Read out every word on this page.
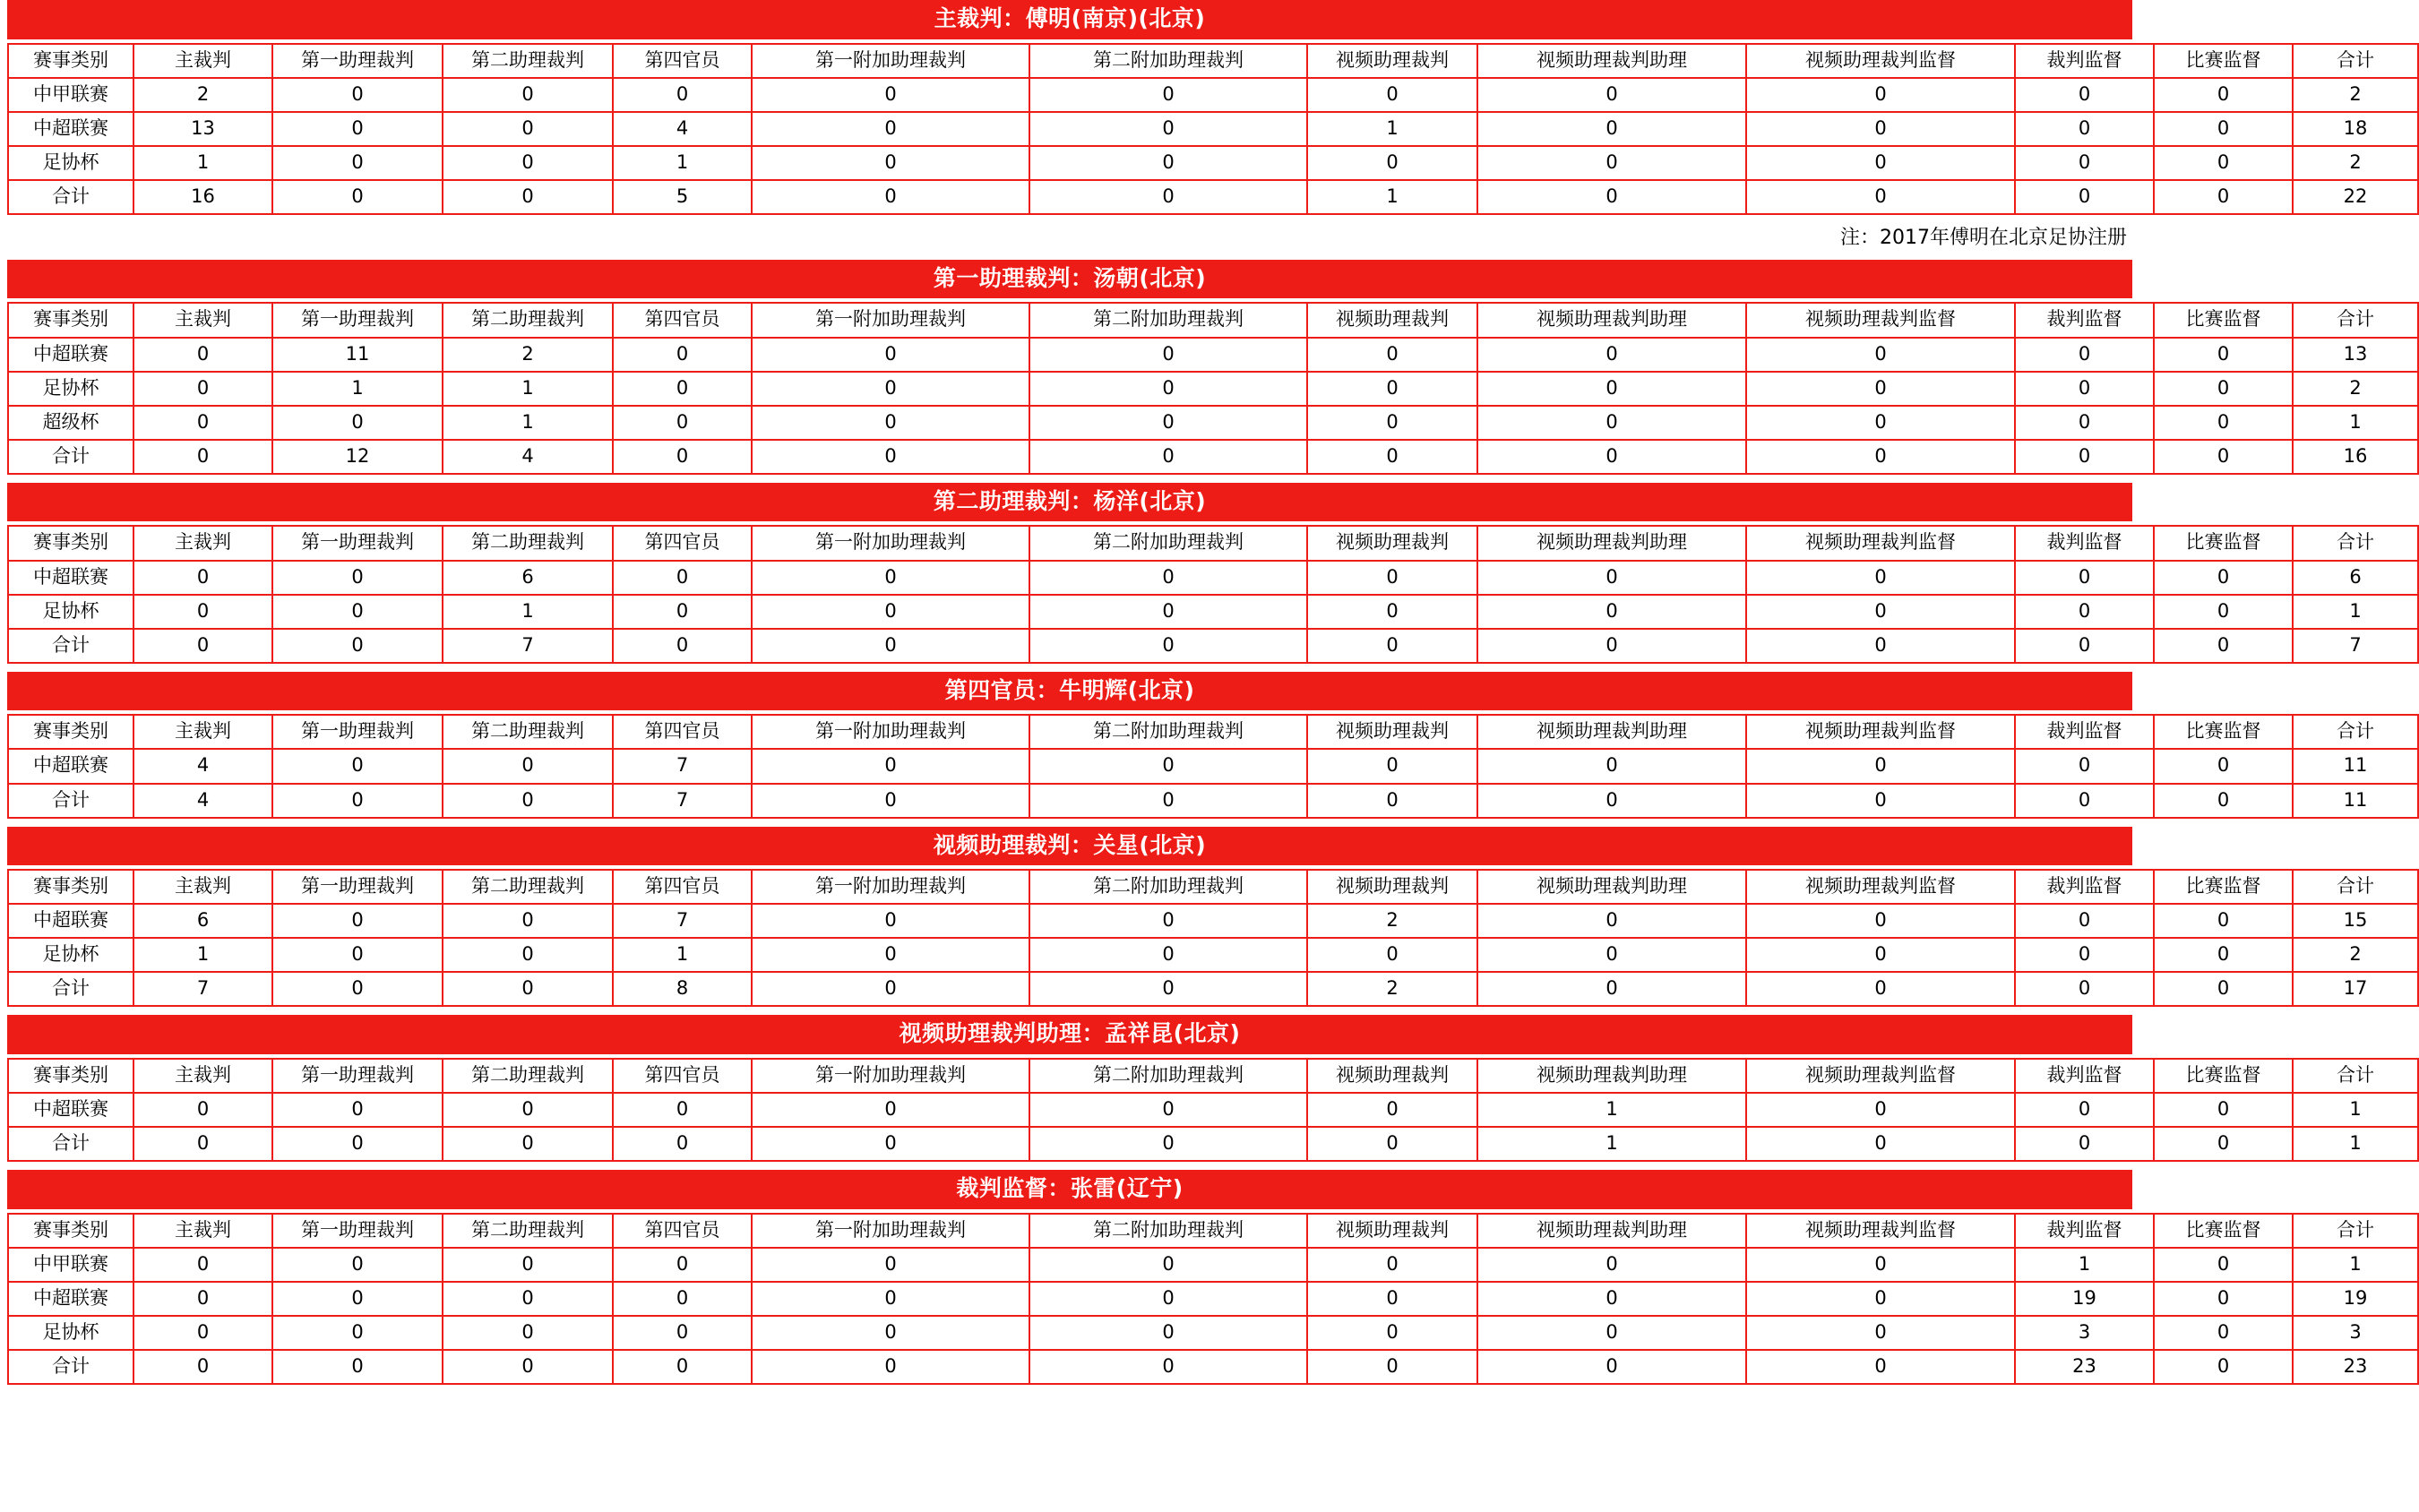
主裁判：傅明(南京)(北京)
赛事类别	主裁判	第一助理裁判	第二助理裁判	第四官员	第一附加助理裁判	第二附加助理裁判	视频助理裁判	视频助理裁判助理	视频助理裁判监督	裁判监督	比赛监督	合计
中甲联赛	2	0	0	0	0	0	0	0	0	0	0	2
中超联赛	13	0	0	4	0	0	1	0	0	0	0	18
足协杯	1	0	0	1	0	0	0	0	0	0	0	2
合计	16	0	0	5	0	0	1	0	0	0	0	22
注：2017年傅明在北京足协注册
第一助理裁判：汤朝(北京)
赛事类别	主裁判	第一助理裁判	第二助理裁判	第四官员	第一附加助理裁判	第二附加助理裁判	视频助理裁判	视频助理裁判助理	视频助理裁判监督	裁判监督	比赛监督	合计
中超联赛	0	11	2	0	0	0	0	0	0	0	0	13
足协杯	0	1	1	0	0	0	0	0	0	0	0	2
超级杯	0	0	1	0	0	0	0	0	0	0	0	1
合计	0	12	4	0	0	0	0	0	0	0	0	16
第二助理裁判：杨洋(北京)
赛事类别	主裁判	第一助理裁判	第二助理裁判	第四官员	第一附加助理裁判	第二附加助理裁判	视频助理裁判	视频助理裁判助理	视频助理裁判监督	裁判监督	比赛监督	合计
中超联赛	0	0	6	0	0	0	0	0	0	0	0	6
足协杯	0	0	1	0	0	0	0	0	0	0	0	1
合计	0	0	7	0	0	0	0	0	0	0	0	7
第四官员：牛明辉(北京)
赛事类别	主裁判	第一助理裁判	第二助理裁判	第四官员	第一附加助理裁判	第二附加助理裁判	视频助理裁判	视频助理裁判助理	视频助理裁判监督	裁判监督	比赛监督	合计
中超联赛	4	0	0	7	0	0	0	0	0	0	0	11
合计	4	0	0	7	0	0	0	0	0	0	0	11
视频助理裁判：关星(北京)
赛事类别	主裁判	第一助理裁判	第二助理裁判	第四官员	第一附加助理裁判	第二附加助理裁判	视频助理裁判	视频助理裁判助理	视频助理裁判监督	裁判监督	比赛监督	合计
中超联赛	6	0	0	7	0	0	2	0	0	0	0	15
足协杯	1	0	0	1	0	0	0	0	0	0	0	2
合计	7	0	0	8	0	0	2	0	0	0	0	17
视频助理裁判助理：孟祥昆(北京)
赛事类别	主裁判	第一助理裁判	第二助理裁判	第四官员	第一附加助理裁判	第二附加助理裁判	视频助理裁判	视频助理裁判助理	视频助理裁判监督	裁判监督	比赛监督	合计
中超联赛	0	0	0	0	0	0	0	1	0	0	0	1
合计	0	0	0	0	0	0	0	1	0	0	0	1
裁判监督：张雷(辽宁)
赛事类别	主裁判	第一助理裁判	第二助理裁判	第四官员	第一附加助理裁判	第二附加助理裁判	视频助理裁判	视频助理裁判助理	视频助理裁判监督	裁判监督	比赛监督	合计
中甲联赛	0	0	0	0	0	0	0	0	0	1	0	1
中超联赛	0	0	0	0	0	0	0	0	0	19	0	19
足协杯	0	0	0	0	0	0	0	0	0	3	0	3
合计	0	0	0	0	0	0	0	0	0	23	0	23
